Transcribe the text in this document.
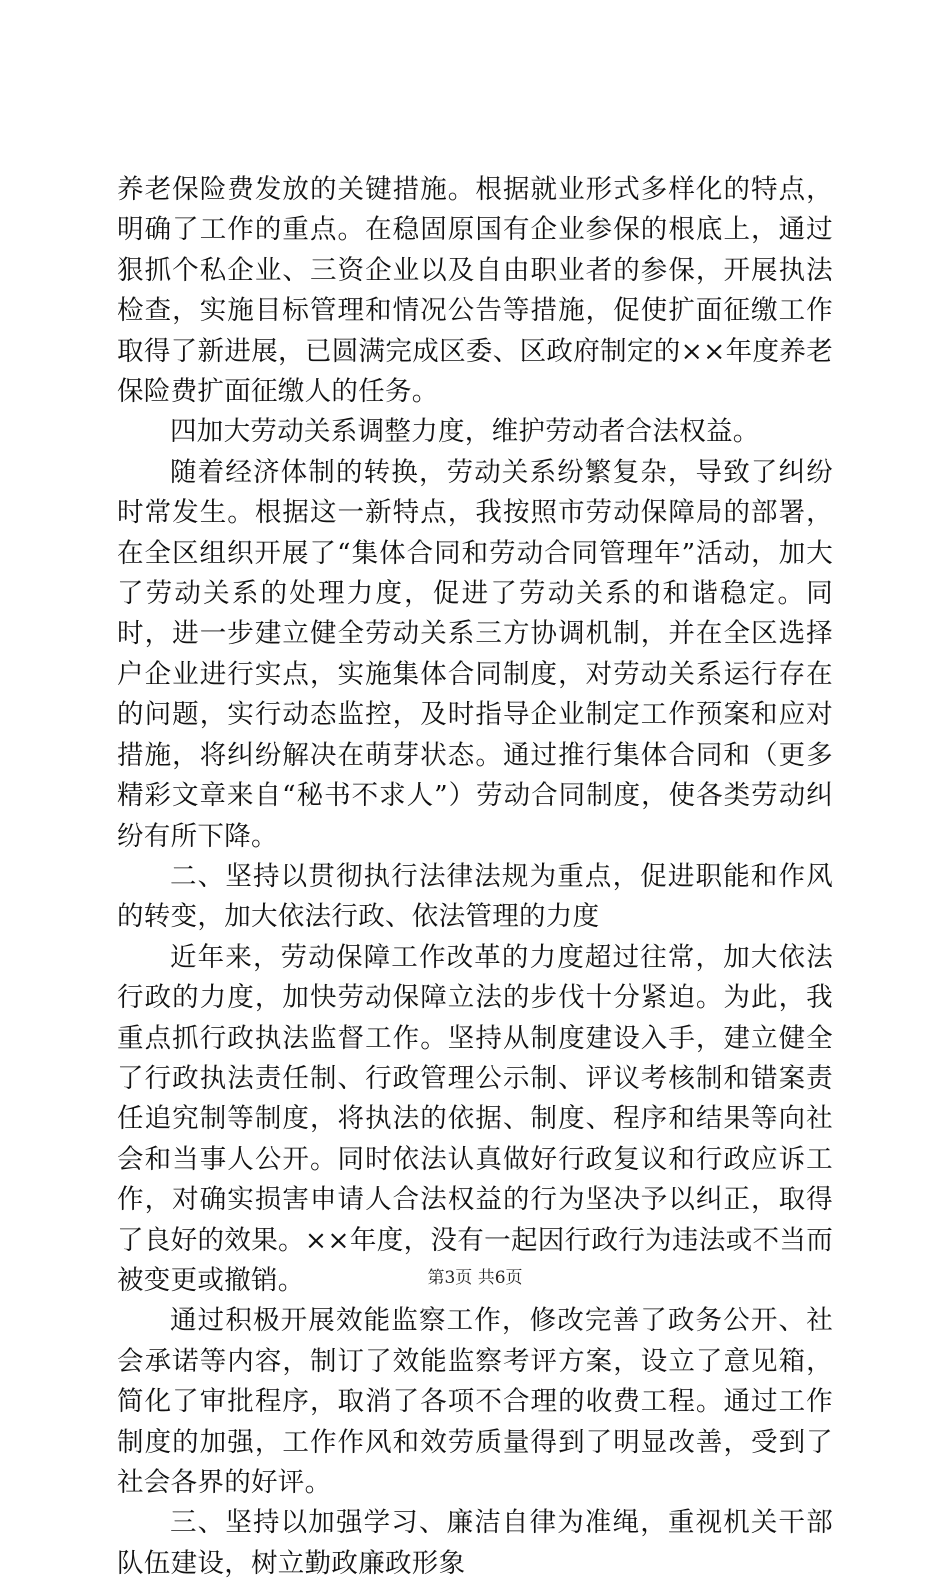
养老保险费发放的关键措施。根据就业形式多样化的特点，明确了工作的重点。在稳固原国有企业参保的根底上，通过狠抓个私企业、三资企业以及自由职业者的参保，开展执法检查，实施目标管理和情况公告等措施，促使扩面征缴工作取得了新进展，已圆满完成区委、区政府制定的××年度养老保险费扩面征缴人的任务。

四加大劳动关系调整力度，维护劳动者合法权益。

随着经济体制的转换，劳动关系纷繁复杂，导致了纠纷时常发生。根据这一新特点，我按照市劳动保障局的部署，在全区组织开展了“集体合同和劳动合同管理年”活动，加大了劳动关系的处理力度，促进了劳动关系的和谐稳定。同时，进一步建立健全劳动关系三方协调机制，并在全区选择户企业进行实点，实施集体合同制度，对劳动关系运行存在的问题，实行动态监控，及时指导企业制定工作预案和应对措施，将纠纷解决在萌芽状态。通过推行集体合同和（更多精彩文章来自“秘书不求人”）劳动合同制度，使各类劳动纠纷有所下降。

二、坚持以贯彻执行法律法规为重点，促进职能和作风的转变，加大依法行政、依法管理的力度

近年来，劳动保障工作改革的力度超过往常，加大依法行政的力度，加快劳动保障立法的步伐十分紧迫。为此，我重点抓行政执法监督工作。坚持从制度建设入手，建立健全了行政执法责任制、行政管理公示制、评议考核制和错案责任追究制等制度，将执法的依据、制度、程序和结果等向社会和当事人公开。同时依法认真做好行政复议和行政应诉工作，对确实损害申请人合法权益的行为坚决予以纠正，取得了良好的效果。××年度，没有一起因行政行为违法或不当而被变更或撤销。

通过积极开展效能监察工作，修改完善了政务公开、社会承诺等内容，制订了效能监察考评方案，设立了意见箱，简化了审批程序，取消了各项不合理的收费工程。通过工作制度的加强，工作作风和效劳质量得到了明显改善，受到了社会各界的好评。

三、坚持以加强学习、廉洁自律为准绳，重视机关干部队伍建设，树立勤政廉政形象

第3页 共6页
